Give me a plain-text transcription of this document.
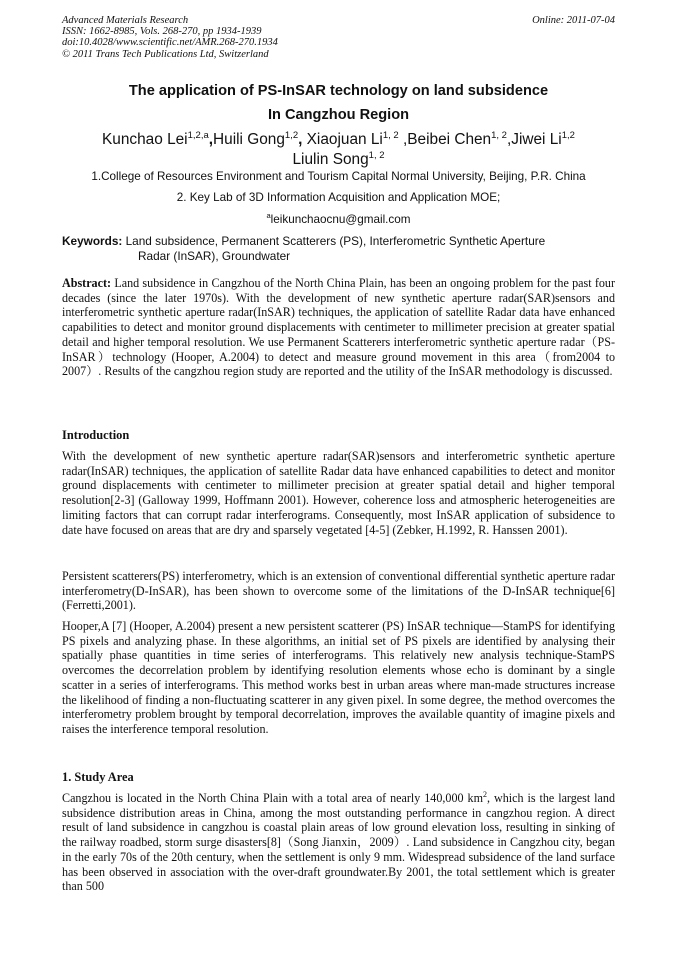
Advanced Materials Research
ISSN: 1662-8985, Vols. 268-270, pp 1934-1939
doi:10.4028/www.scientific.net/AMR.268-270.1934
© 2011 Trans Tech Publications Ltd, Switzerland
Online: 2011-07-04
The application of PS-InSAR technology on land subsidence
In Cangzhou Region
Kunchao Lei$^{1,2,a}$,Huili Gong$^{1,2}$, Xiaojuan Li$^{1, 2}$ ,Beibei Chen$^{1, 2}$,Jiwei Li$^{1,2}$
Liulin Song$^{1, 2}$
1.College of Resources Environment and Tourism Capital Normal University, Beijing, P.R. China
2. Key Lab of 3D Information Acquisition and Application MOE;
$^a$leikunchaocnu@gmail.com
Keywords: Land subsidence, Permanent Scatterers (PS), Interferometric Synthetic Aperture
Radar (InSAR), Groundwater

Abstract: Land subsidence in Cangzhou of the North China Plain, has been an ongoing problem for the past four decades (since the later 1970s). With the development of new synthetic aperture radar(SAR)sensors and interferometric synthetic aperture radar(InSAR) techniques, the application of satellite Radar data have enhanced capabilities to detect and monitor ground displacements with centimeter to millimeter precision at greater spatial detail and higher temporal resolution. We use Permanent Scatterers interferometric synthetic aperture radar（PS-InSAR）technology (Hooper, A.2004) to detect and measure ground movement in this area（from2004 to 2007）. Results of the cangzhou region study are reported and the utility of the InSAR methodology is discussed.

Introduction

With the development of new synthetic aperture radar(SAR)sensors and interferometric synthetic aperture radar(InSAR) techniques, the application of satellite Radar data have enhanced capabilities to detect and monitor ground displacements with centimeter to millimeter precision at greater spatial detail and higher temporal resolution[2-3] (Galloway 1999, Hoffmann 2001). However, coherence loss and atmospheric heterogeneities are limiting factors that can corrupt radar interferograms. Consequently, most InSAR application of subsidence to date have focused on areas that are dry and sparsely vegetated [4-5] (Zebker, H.1992, R. Hanssen 2001).

Persistent scatterers(PS) interferometry, which is an extension of conventional differential synthetic aperture radar interferometry(D-InSAR), has been shown to overcome some of the limitations of the D-InSAR technique[6] (Ferretti,2001).

Hooper,A [7] (Hooper, A.2004) present a new persistent scatterer (PS) InSAR technique—StamPS for identifying PS pixels and analyzing phase. In these algorithms, an initial set of PS pixels are identified by analysing their spatially phase quantities in time series of interferograms. This relatively new analysis technique-StamPS overcomes the decorrelation problem by identifying resolution elements whose echo is dominant by a single scatter in a series of interferograms. This method works best in urban areas where man-made structures increase the likelihood of finding a non-fluctuating scatterer in any given pixel. In some degree, the method overcomes the interferometry problem brought by temporal decorrelation, improves the available quantity of imagine pixels and raises the interference temporal resolution.

1. Study Area

Cangzhou is located in the North China Plain with a total area of nearly 140,000 $km^2$, which is the largest land subsidence distribution areas in China, among the most outstanding performance in cangzhou region. A direct result of land subsidence in cangzhou is coastal plain areas of low ground elevation loss, resulting in sinking of the railway roadbed, storm surge disasters[8]（Song Jianxin，2009）. Land subsidence in Cangzhou city, began in the early 70s of the 20th century, when the settlement is only 9 mm. Widespread subsidence of the land surface has been observed in association with the over-draft groundwater.By 2001, the total settlement which is greater than 500
